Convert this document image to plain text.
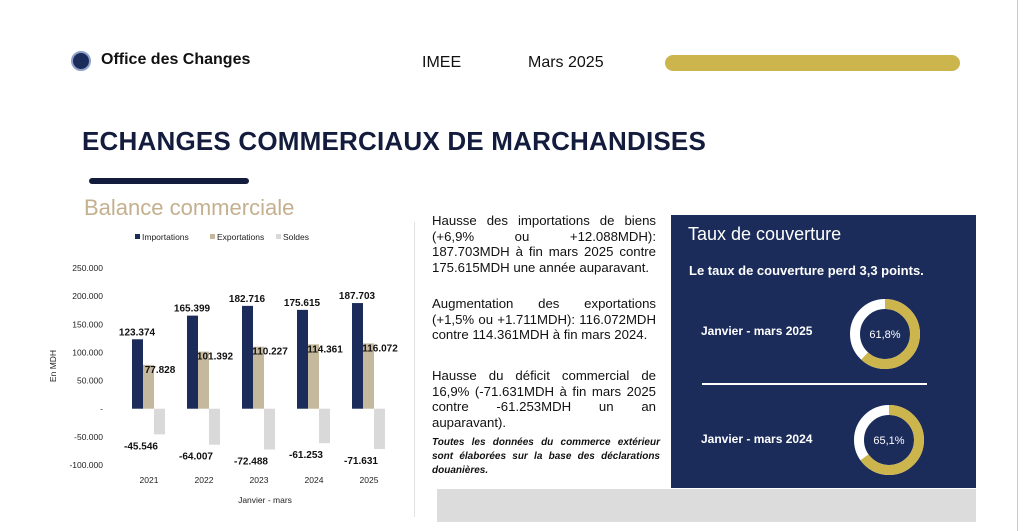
Office des Changes	IMEE	Mars 2025
ECHANGES COMMERCIAUX DE MARCHANDISES
Balance commerciale
Importations	Exportations Soldes
250.000
200.000
150.000
100.000
50.000
-
-50.000
-100.000
En MDH
123.374
77.828
-45.546
2021
165.399
101.392
-64.007
2022
182.716
110.227
-72.488
2023
175.615
114.361
-61.253
2024
187.703
116.072
-71.631
2025
Janvier - mars
Hausse des importations de biens (+6,9% ou +12.088MDH): 187.703MDH à fin mars 2025 contre 175.615MDH une année auparavant.
Augmentation des exportations (+1,5% ou +1.711MDH): 116.072MDH contre 114.361MDH à fin mars 2024.
Hausse du déficit commercial de 16,9% (-71.631MDH à fin mars 2025 contre -61.253MDH un an auparavant).
Toutes les données du commerce extérieur sont élaborées sur la base des déclarations douanières.
Taux de couverture
Le taux de couverture perd 3,3 points.
Janvier - mars 2025	61,8%
Janvier - mars 2024	65,1%
